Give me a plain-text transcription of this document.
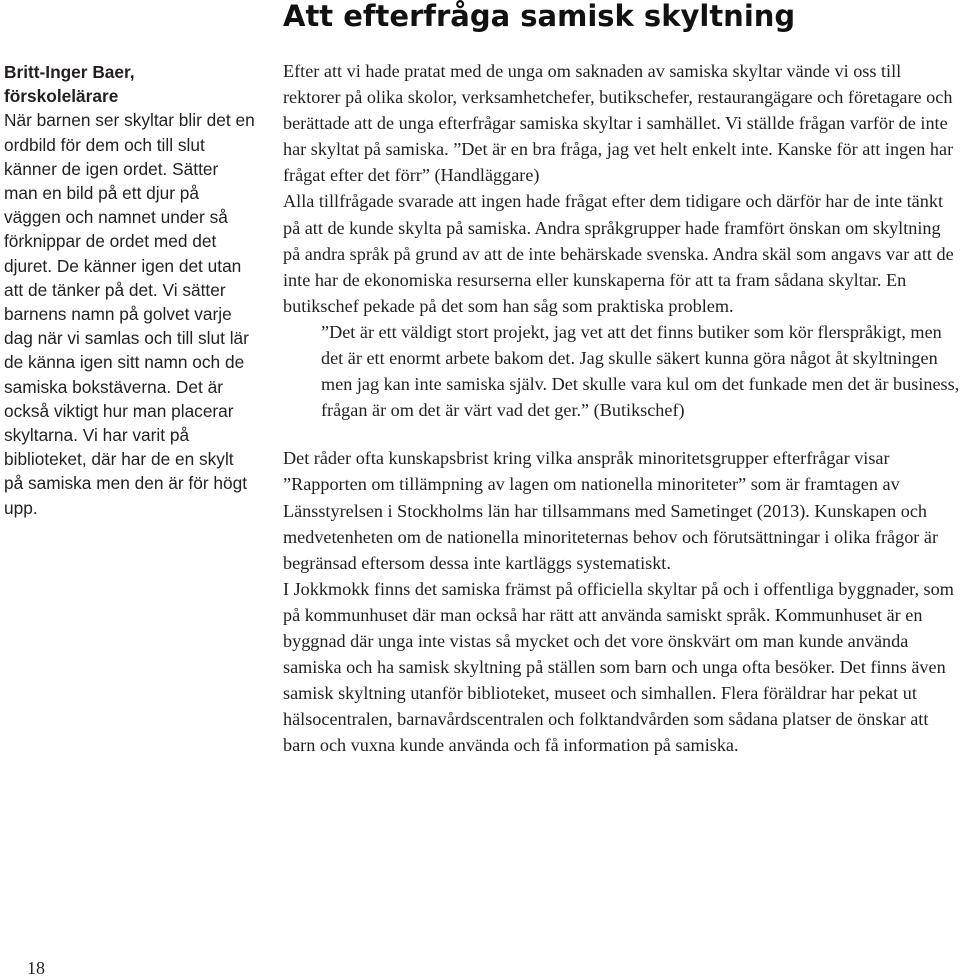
Att efterfråga samisk skyltning
Britt-Inger Baer,
förskolelärare
När barnen ser skyltar blir det en ordbild för dem och till slut känner de igen ordet. Sätter man en bild på ett djur på väggen och namnet under så förknippar de ordet med det djuret. De känner igen det utan att de tänker på det. Vi sätter barnens namn på golvet varje dag när vi samlas och till slut lär de känna igen sitt namn och de samiska bokstäverna. Det är också viktigt hur man placerar skyltarna. Vi har varit på biblioteket, där har de en skylt på samiska men den är för högt upp.

Efter att vi hade pratat med de unga om saknaden av samiska skyltar vände vi oss till rektorer på olika skolor, verksamhetchefer, butikschefer, restaurangägare och företagare och berättade att de unga efterfrågar samiska skyltar i samhället. Vi ställde frågan varför de inte har skyltat på samiska. ”Det är en bra fråga, jag vet helt enkelt inte. Kanske för att ingen har frågat efter det förr” (Handläggare)

Alla tillfrågade svarade att ingen hade frågat efter dem tidigare och därför har de inte tänkt på att de kunde skylta på samiska. Andra språkgrupper hade framfört önskan om skyltning på andra språk på grund av att de inte behärskade svenska. Andra skäl som angavs var att de inte har de ekonomiska resurserna eller kunskaperna för att ta fram sådana skyltar. En butikschef pekade på det som han såg som praktiska problem.

”Det är ett väldigt stort projekt, jag vet att det finns butiker som kör flerspråkigt, men det är ett enormt arbete bakom det. Jag skulle säkert kunna göra något åt skyltningen men jag kan inte samiska själv. Det skulle vara kul om det funkade men det är business, frågan är om det är värt vad det ger.” (Butikschef)

Det råder ofta kunskapsbrist kring vilka anspråk minoritetsgrupper efterfrågar visar ”Rapporten om tillämpning av lagen om nationella minoriteter” som är framtagen av Länsstyrelsen i Stockholms län har tillsammans med Sametinget (2013). Kunskapen och medvetenheten om de nationella minoriteternas behov och förutsättningar i olika frågor är begränsad eftersom dessa inte kartläggs systematiskt.

I Jokkmokk finns det samiska främst på officiella skyltar på och i offentliga byggnader, som på kommunhuset där man också har rätt att använda samiskt språk. Kommunhuset är en byggnad där unga inte vistas så mycket och det vore önskvärt om man kunde använda samiska och ha samisk skyltning på ställen som barn och unga ofta besöker. Det finns även samisk skyltning utanför biblioteket, museet och simhallen. Flera föräldrar har pekat ut hälsocentralen, barnavårdscentralen och folktandvården som sådana platser de önskar att barn och vuxna kunde använda och få information på samiska.

18
